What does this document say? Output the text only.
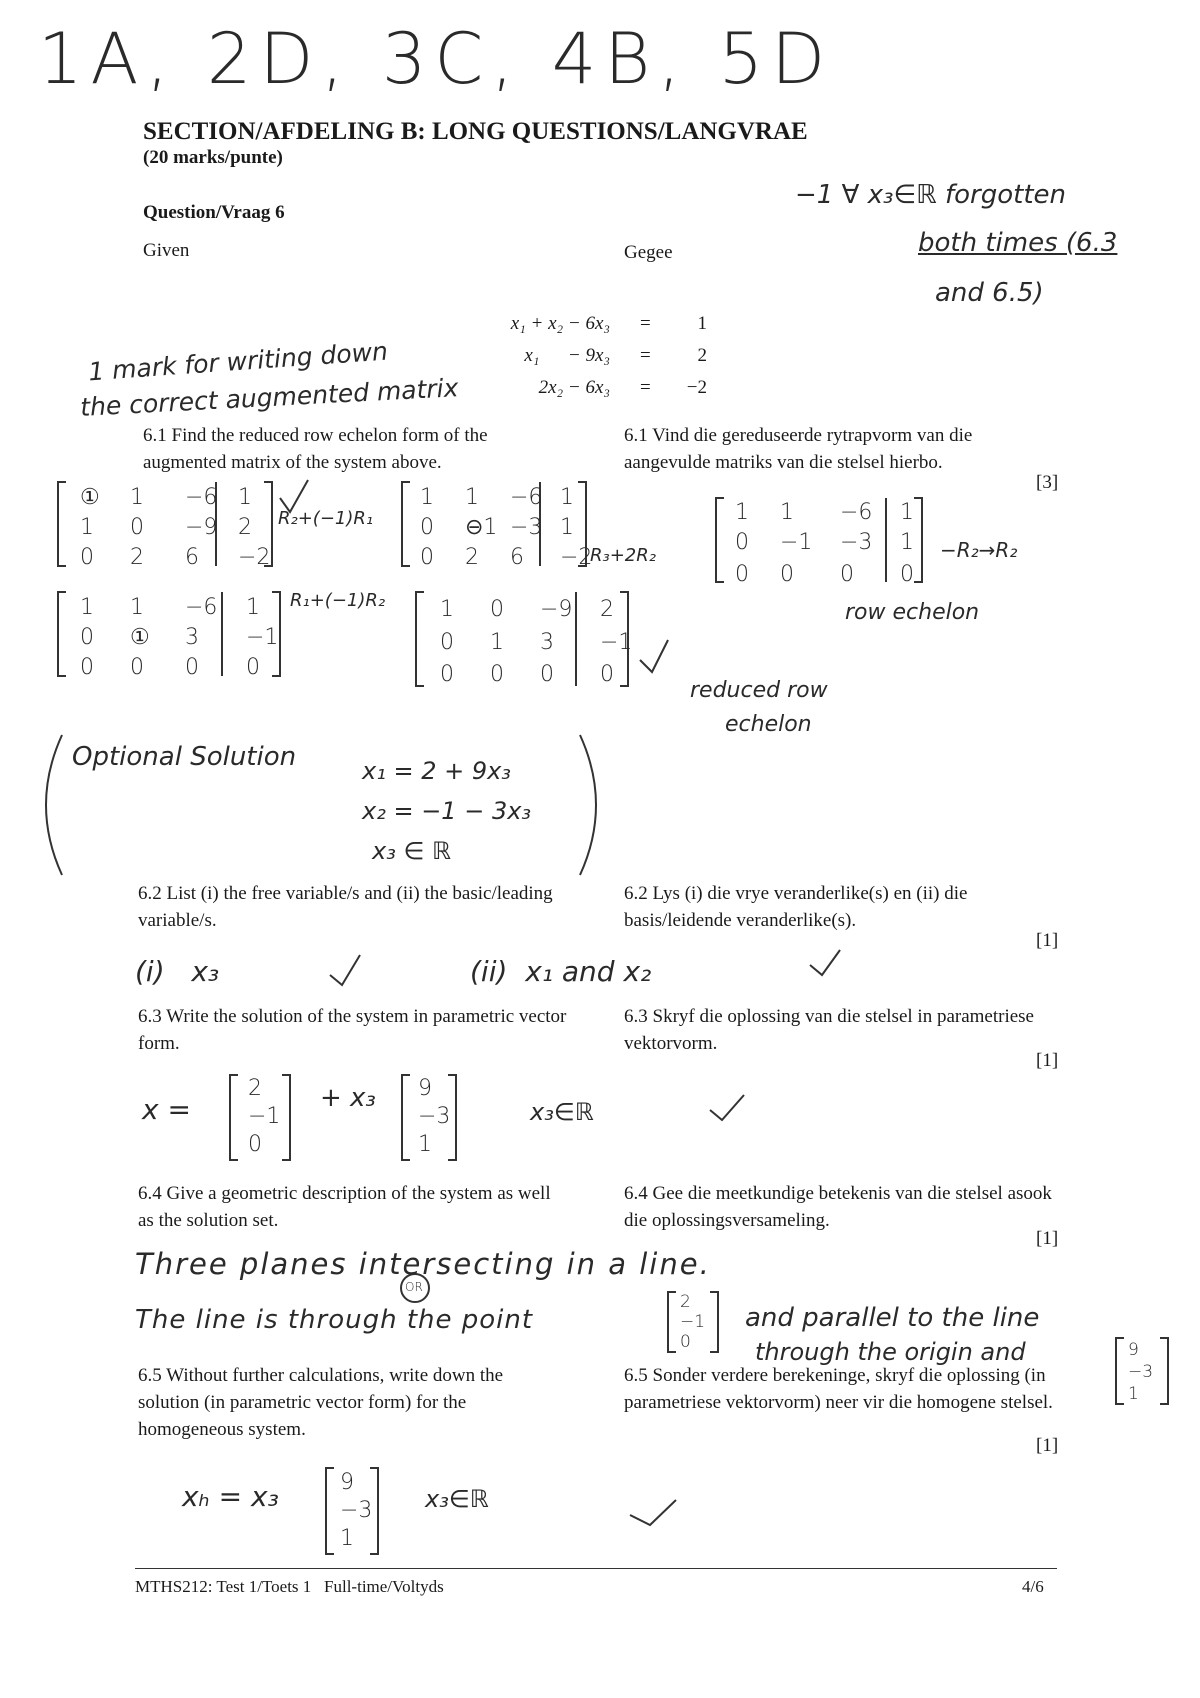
1A, 2D, 3C, 4B, 5D
SECTION/AFDELING B: LONG QUESTIONS/LANGVRAE
(20 marks/punte)
Question/Vraag 6
Given	Gegee
−1 ∀ x₃∈ℝ forgotten
both times (6.3
and 6.5)
x₁ + x₂ − 6x₃ = 1
x₁      − 9x₃ = 2
2x₂ − 6x₃ = −2
1 mark for writing down
the correct augmented matrix
6.1 Find the reduced row echelon form of the augmented matrix of the system above.
6.1 Vind die gereduseerde rytrapvorm van die aangevulde matriks van die stelsel hierbo.
[3]
① 1 −6 1
1 0 −9 2
0 2 6 −2
1 1 −6 1
0 ⊖1 −3 1
0 2 6 −2
1 1 −6 1
0 −1 −3 1
0 0 0 0
1 1 −6 1
0 ① 3 −1
0 0 0 0
1 0 −9 2
0 1 3 −1
0 0 0 0
2
−1
0
9
−3
1
2
−1
0	9
−3
1
9
−3
1
R₂+(−1)R₁
R₃+2R₂
R₁+(−1)R₂
−R₂→R₂
row echelon
reduced row
echelon
Optional Solution	x₁ = 2 + 9x₃
x₂ = −1 − 3x₃
x₃ ∈ ℝ
6.2 List (i) the free variable/s and (ii) the basic/leading variable/s.
6.2 Lys (i) die vrye veranderlike(s) en (ii) die basis/leidende veranderlike(s).
[1]
(i)   x₃	(ii)  x₁ and x₂
6.3 Write the solution of the system in parametric vector form.
6.3 Skryf die oplossing van die stelsel in parametriese vektorvorm.
[1]
x =	+ x₃	x₃∈ℝ
6.4 Give a geometric description of the system as well as the solution set.
6.4 Gee die meetkundige betekenis van die stelsel asook die oplossingsversameling.
[1]
Three planes intersecting in a line.
OR
The line is through the point	and parallel to the line
through the origin and
6.5 Without further calculations, write down the solution (in parametric vector form) for the homogeneous system.
6.5 Sonder verdere berekeninge, skryf die oplossing (in parametriese vektorvorm) neer vir die homogene stelsel.
[1]
xₕ = x₃	x₃∈ℝ
MTHS212: Test 1/Toets 1   Full-time/Voltyds	4/6
